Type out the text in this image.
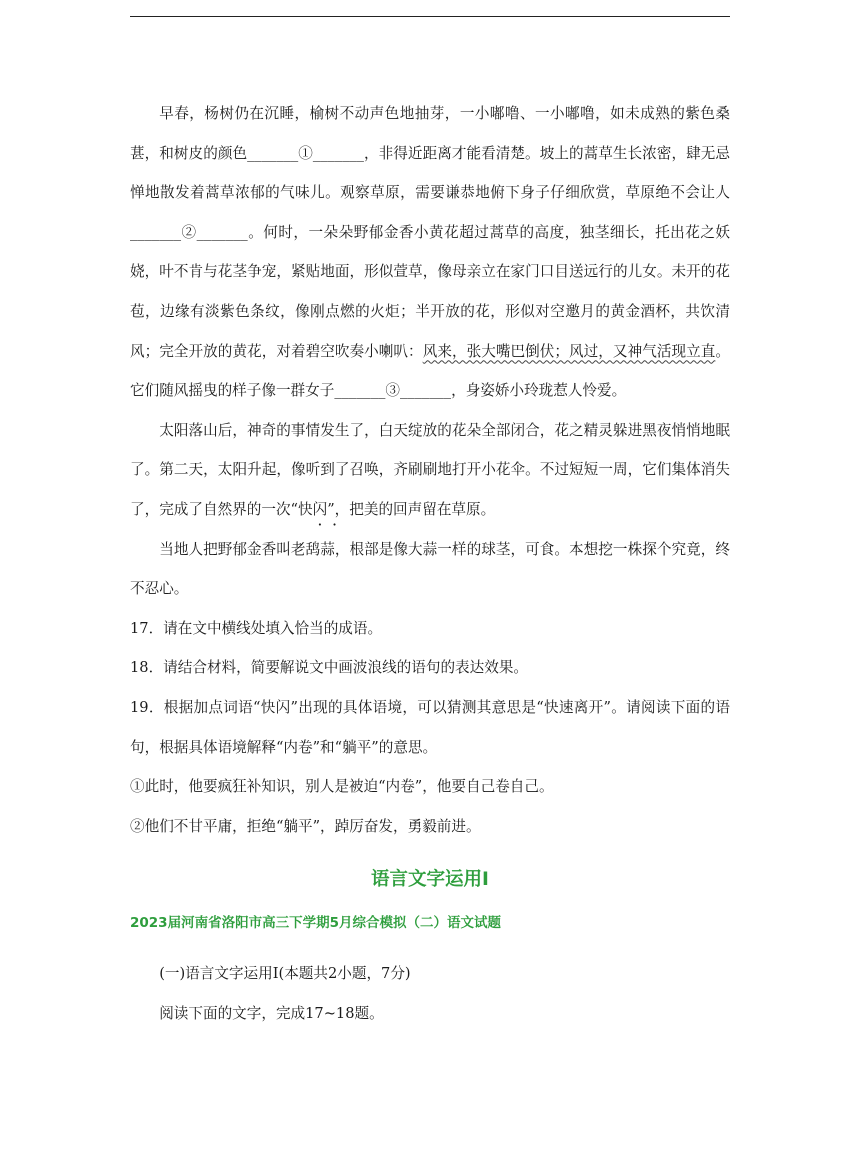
早春，杨树仍在沉睡，榆树不动声色地抽芽，一小嘟噜、一小嘟噜，如未成熟的紫色桑葚，和树皮的颜色_______①_______，非得近距离才能看清楚。坡上的蒿草生长浓密，肆无忌惮地散发着蒿草浓郁的气味儿。观察草原，需要谦恭地俯下身子仔细欣赏，草原绝不会让人_______②_______。何时，一朵朵野郁金香小黄花超过蒿草的高度，独茎细长，托出花之妖娆，叶不肯与花茎争宠，紧贴地面，形似萱草，像母亲立在家门口目送远行的儿女。未开的花苞，边缘有淡紫色条纹，像刚点燃的火炬；半开放的花，形似对空邀月的黄金酒杯，共饮清风；完全开放的黄花，对着碧空吹奏小喇叭：风来，张大嘴巴倒伏；风过，又神气活现立直。它们随风摇曳的样子像一群女子_______③_______，身姿娇小玲珑惹人怜爱。

太阳落山后，神奇的事情发生了，白天绽放的花朵全部闭合，花之精灵躲进黑夜悄悄地眠了。第二天，太阳升起，像听到了召唤，齐刷刷地打开小花伞。不过短短一周，它们集体消失了，完成了自然界的一次“快闪”，把美的回声留在草原。

当地人把野郁金香叫老鸹蒜，根部是像大蒜一样的球茎，可食。本想挖一株探个究竟，终不忍心。

17．请在文中横线处填入恰当的成语。

18．请结合材料，简要解说文中画波浪线的语句的表达效果。

19．根据加点词语“快闪”出现的具体语境，可以猜测其意思是“快速离开”。请阅读下面的语句，根据具体语境解释“内卷”和“躺平”的意思。

①此时，他要疯狂补知识，别人是被迫“内卷”，他要自己卷自己。

②他们不甘平庸，拒绝“躺平”，踔厉奋发，勇毅前进。

语言文字运用Ⅰ
2023届河南省洛阳市高三下学期5月综合模拟（二）语文试题

(一)语言文字运用Ⅰ(本题共2小题，7分)

阅读下面的文字，完成17~18题。
